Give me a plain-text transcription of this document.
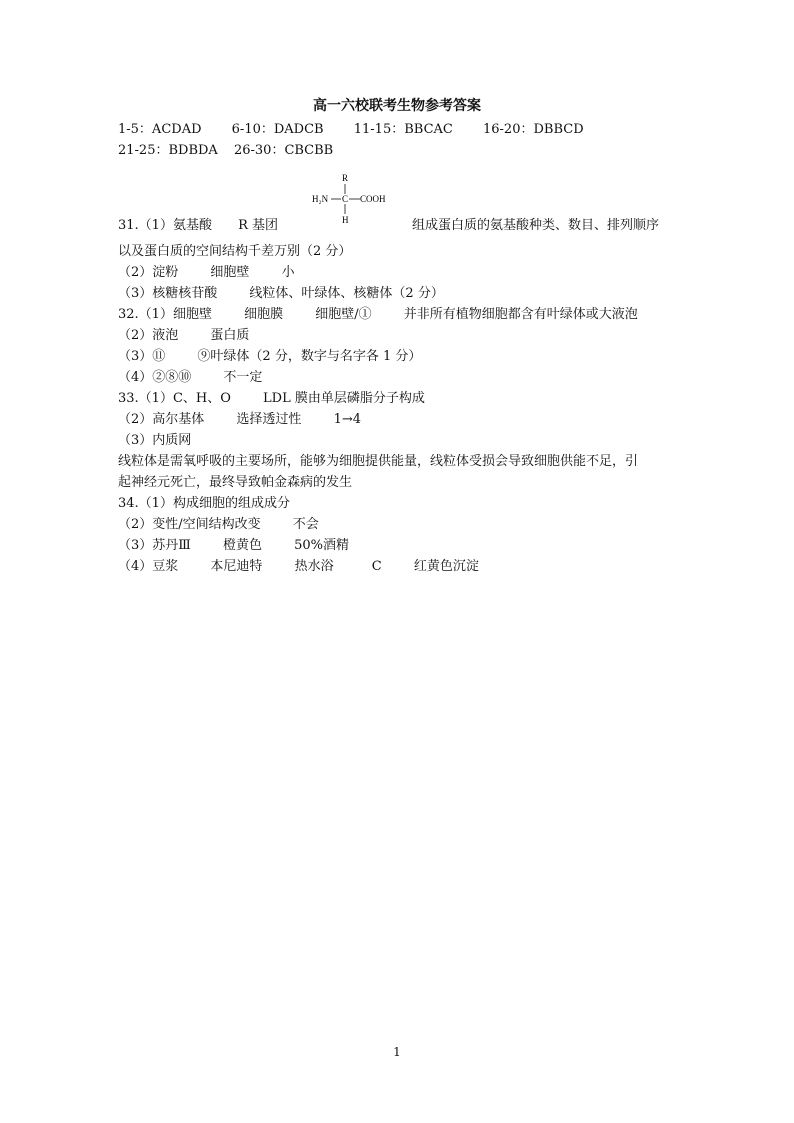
高一六校联考生物参考答案
1-5：ACDAD 6-10：DADCB 11-15：BBCAC 16-20：DBBCD
21-25：BDBDA 26-30：CBCBB
R
H₂N C COOH
H
31.（1）氨基酸 R 基团	组成蛋白质的氨基酸种类、数目、排列顺序
以及蛋白质的空间结构千差万别（2 分）
（2）淀粉 细胞壁 小
（3）核糖核苷酸 线粒体、叶绿体、核糖体（2 分）
32.（1）细胞壁 细胞膜 细胞壁/① 并非所有植物细胞都含有叶绿体或大液泡
（2）液泡 蛋白质
（3）⑪ ⑨叶绿体（2 分，数字与名字各 1 分）
（4）②⑧⑩ 不一定
33.（1）C、H、O LDL 膜由单层磷脂分子构成
（2）高尔基体 选择透过性 1→4
（3）内质网
线粒体是需氧呼吸的主要场所，能够为细胞提供能量，线粒体受损会导致细胞供能不足，引
起神经元死亡，最终导致帕金森病的发生
34.（1）构成细胞的组成成分
（2）变性/空间结构改变 不会
（3）苏丹Ⅲ 橙黄色 50%酒精
（4）豆浆 本尼迪特 热水浴	C 红黄色沉淀
1
